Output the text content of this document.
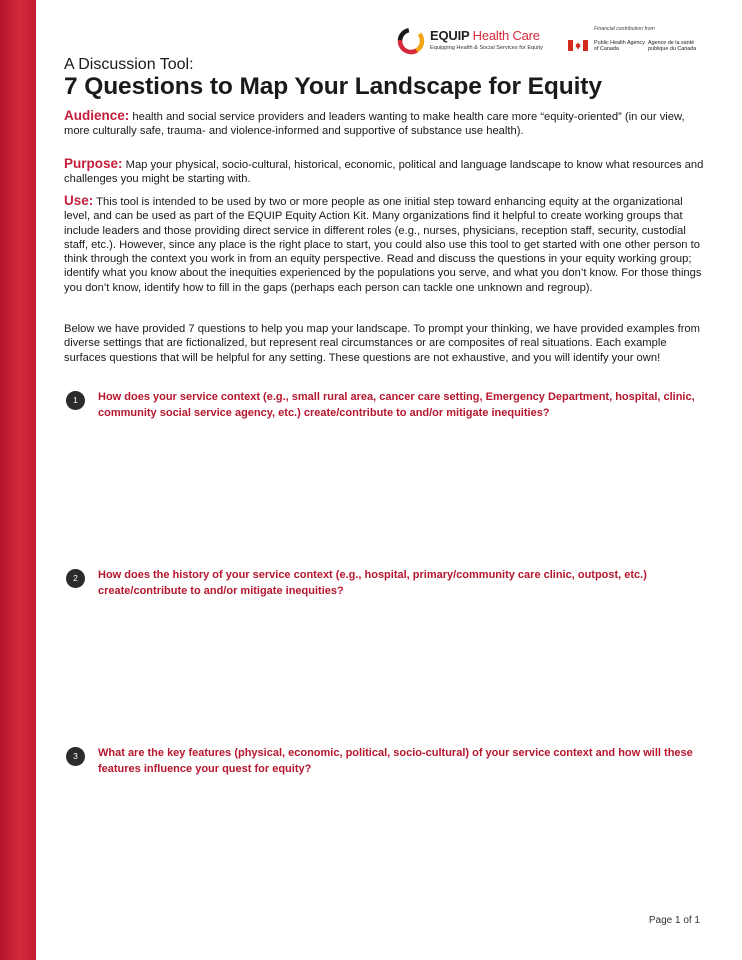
EQUIP Health Care
Equipping Health & Social Services for Equity
Financial contribution from
Public Health Agency of Canada
Agence de la santé publique du Canada
A Discussion Tool:
7 Questions to Map Your Landscape for Equity
Audience: health and social service providers and leaders wanting to make health care more “equity-oriented” (in our view, more culturally safe, trauma- and violence-informed and supportive of substance use health).
Purpose: Map your physical, socio-cultural, historical, economic, political and language landscape to know what resources and challenges you might be starting with.
Use: This tool is intended to be used by two or more people as one initial step toward enhancing equity at the organizational level, and can be used as part of the EQUIP Equity Action Kit. Many organizations find it helpful to create working groups that include leaders and those providing direct service in different roles (e.g., nurses, physicians, reception staff, security, custodial staff, etc.). However, since any place is the right place to start, you could also use this tool to get started with one other person to think through the context you work in from an equity perspective. Read and discuss the questions in your equity working group; identify what you know about the inequities experienced by the populations you serve, and what you don’t know. For those things you don’t know, identify how to fill in the gaps (perhaps each person can tackle one unknown and regroup).
Below we have provided 7 questions to help you map your landscape. To prompt your thinking, we have provided examples from diverse settings that are fictionalized, but represent real circumstances or are composites of real situations. Each example surfaces questions that will be helpful for any setting. These questions are not exhaustive, and you will identify your own!
1	How does your service context (e.g., small rural area, cancer care setting, Emergency Department, hospital, clinic, community social service agency, etc.) create/contribute to and/or mitigate inequities?
2	How does the history of your service context (e.g., hospital, primary/community care clinic, outpost, etc.) create/contribute to and/or mitigate inequities?
3	What are the key features (physical, economic, political, socio-cultural) of your service context and how will these features influence your quest for equity?
Page 1 of 1
